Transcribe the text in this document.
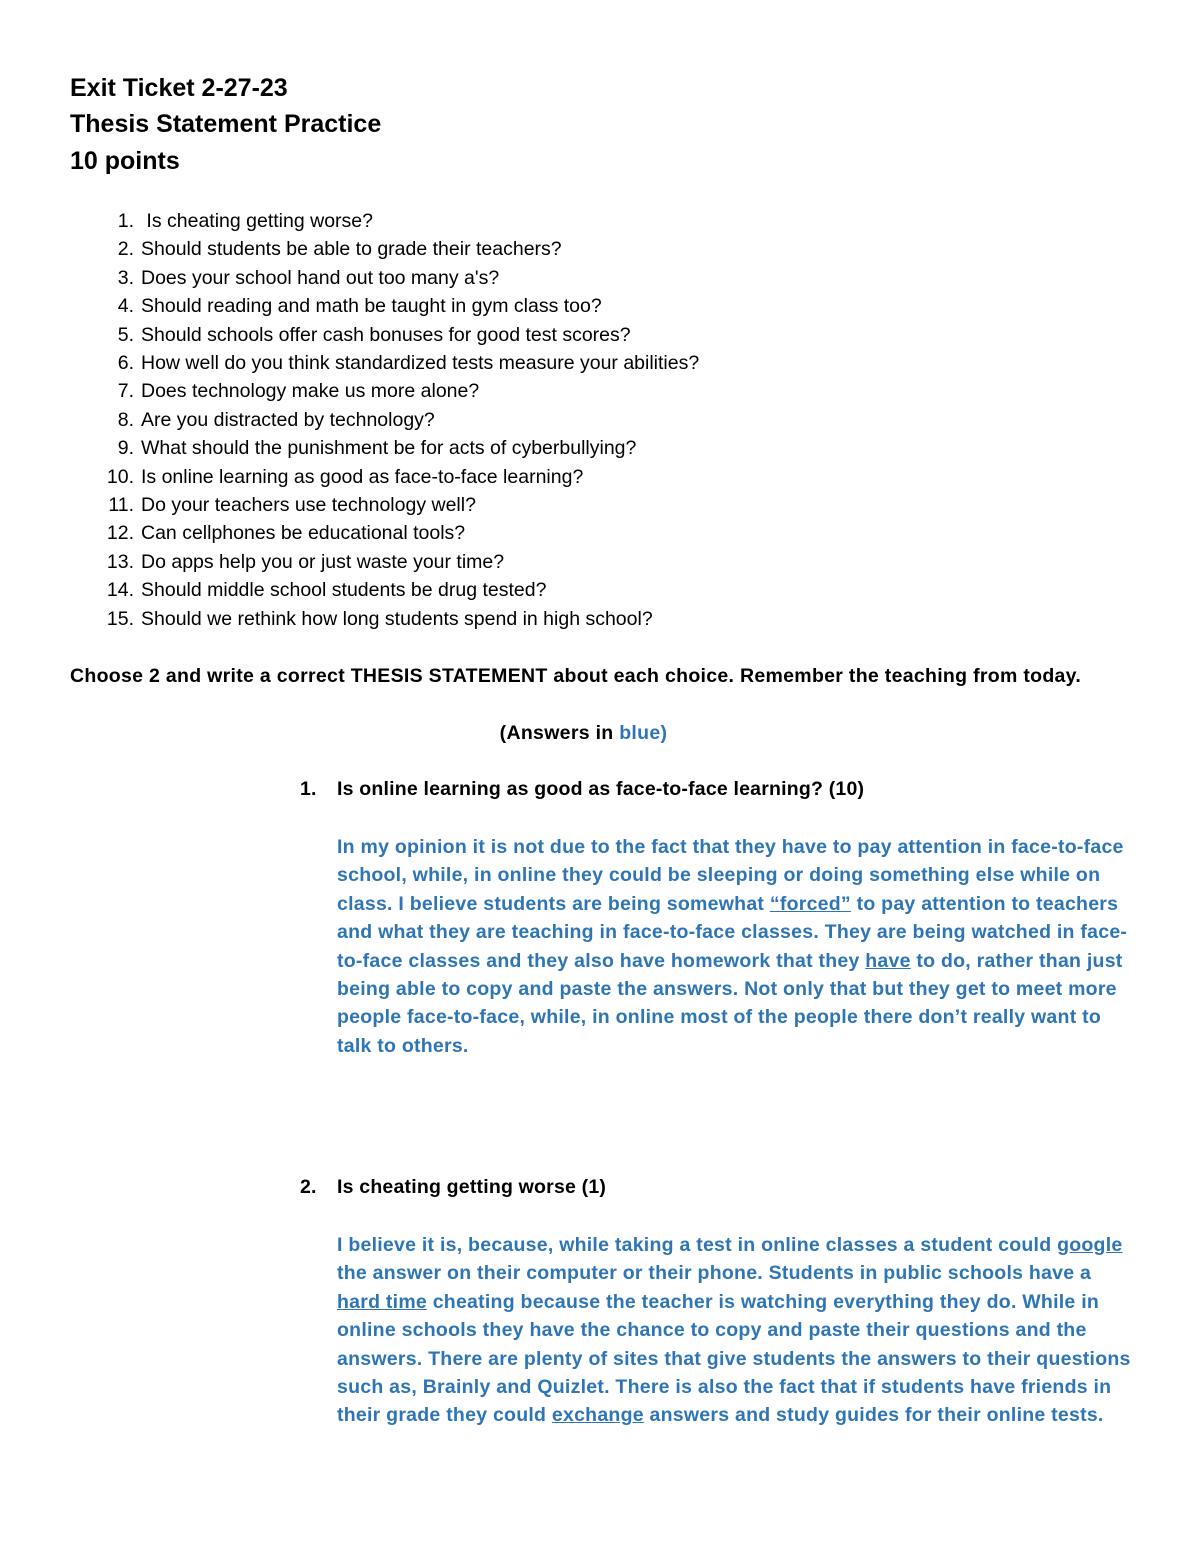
Exit Ticket 2-27-23

Thesis Statement Practice

10 points

1. Is cheating getting worse?
2. Should students be able to grade their teachers?
3. Does your school hand out too many a's?
4. Should reading and math be taught in gym class too?
5. Should schools offer cash bonuses for good test scores?
6. How well do you think standardized tests measure your abilities?
7. Does technology make us more alone?
8. Are you distracted by technology?
9. What should the punishment be for acts of cyberbullying?
10. Is online learning as good as face-to-face learning?
11. Do your teachers use technology well?
12. Can cellphones be educational tools?
13. Do apps help you or just waste your time?
14. Should middle school students be drug tested?
15. Should we rethink how long students spend in high school?

Choose 2 and write a correct THESIS STATEMENT about each choice. Remember the teaching from today.

(Answers in blue)

1. Is online learning as good as face-to-face learning? (10)

In my opinion it is not due to the fact that they have to pay attention in face-to-face school, while, in online they could be sleeping or doing something else while on class. I believe students are being somewhat “forced” to pay attention to teachers and what they are teaching in face-to-face classes. They are being watched in face-to-face classes and they also have homework that they have to do, rather than just being able to copy and paste the answers. Not only that but they get to meet more people face-to-face, while, in online most of the people there don’t really want to talk to others.

2. Is cheating getting worse (1)

I believe it is, because, while taking a test in online classes a student could google the answer on their computer or their phone. Students in public schools have a hard time cheating because the teacher is watching everything they do. While in online schools they have the chance to copy and paste their questions and the answers. There are plenty of sites that give students the answers to their questions such as, Brainly and Quizlet. There is also the fact that if students have friends in their grade they could exchange answers and study guides for their online tests.
